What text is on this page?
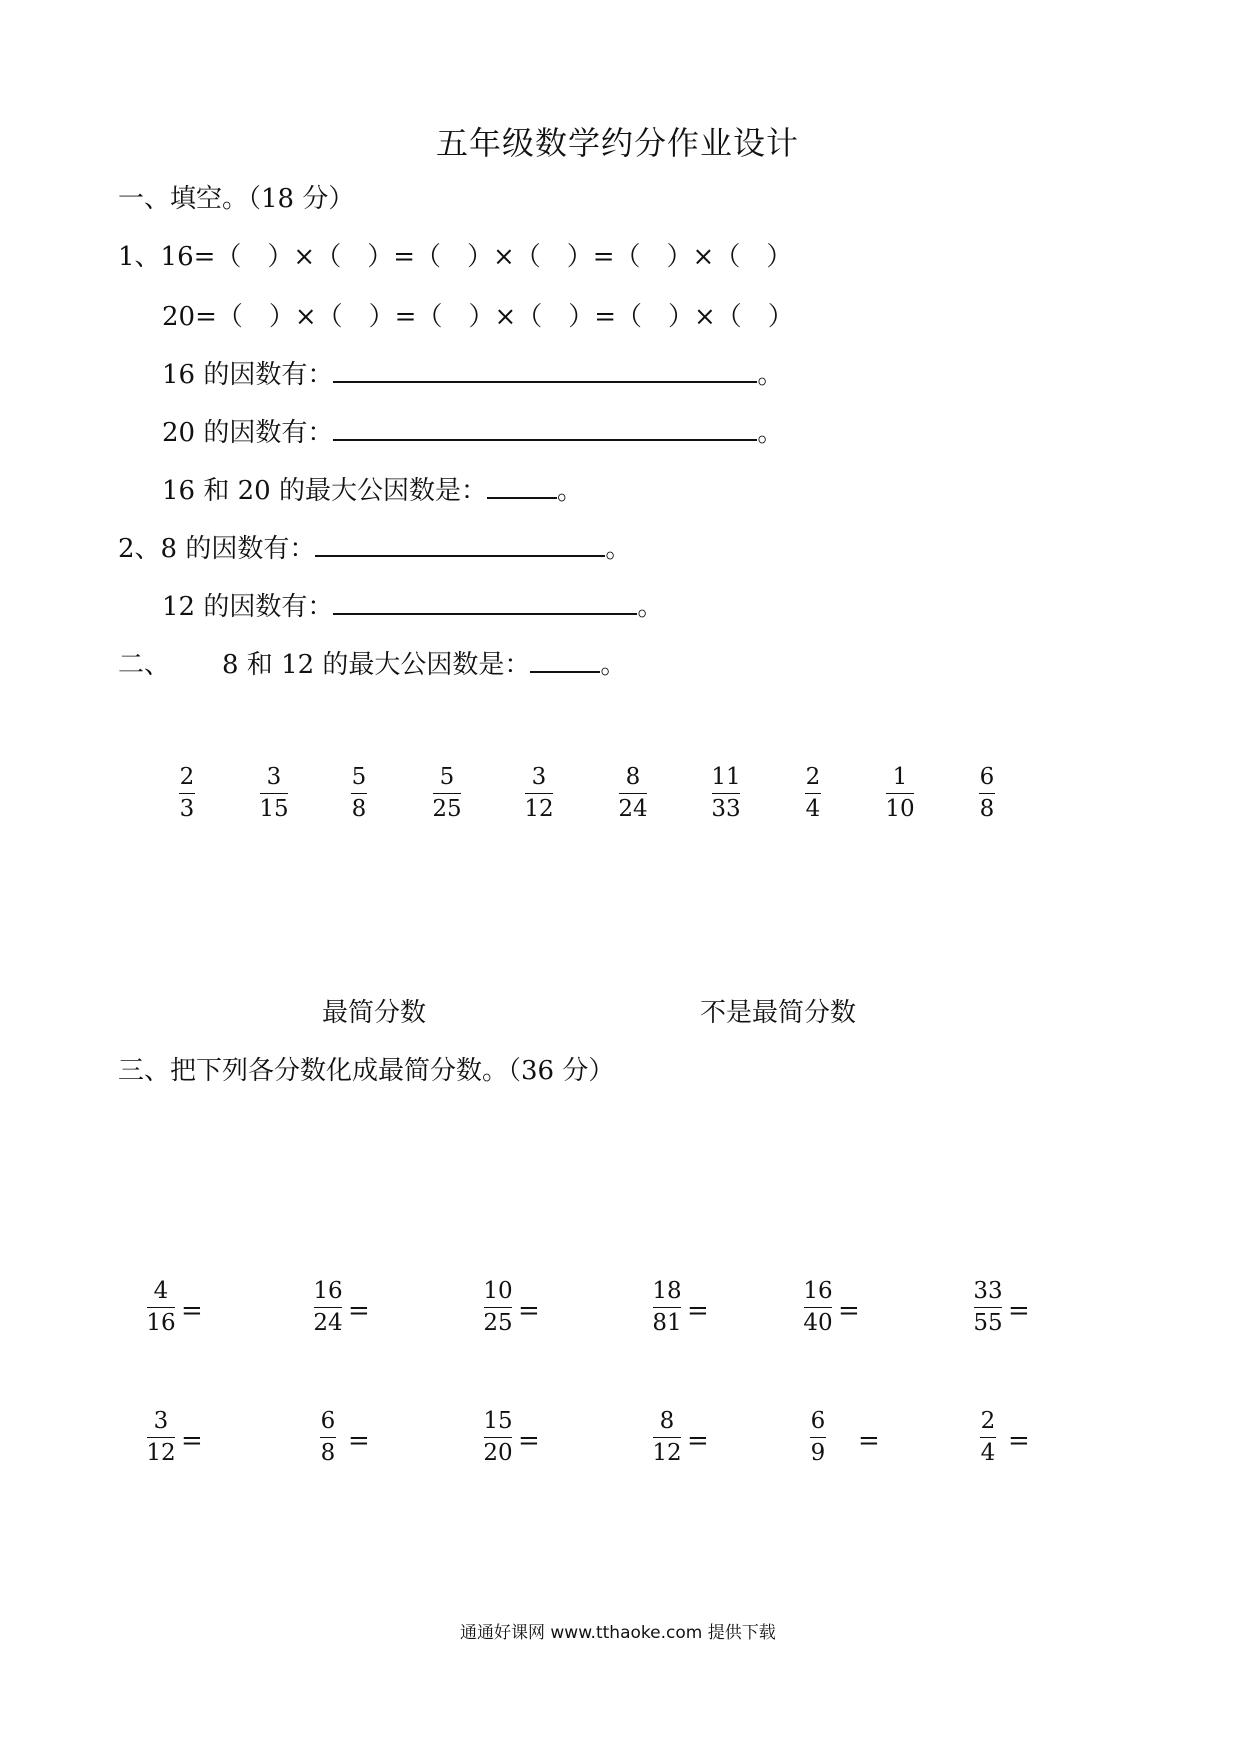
五年级数学约分作业设计
一、填空。（18 分）
1、16=（　）×（　）=（　）×（　）=（　）×（　）
20=（　）×（　）=（　）×（　）=（　）×（　）
16 的因数有：	。
20 的因数有：	。
16 和 20 的最大公因数是：	。
2、8 的因数有：	。
12 的因数有：	。
二、 8 和 12 的最大公因数是：	。
2
3
3
15
5
8
5
25
3
12
8
24
11
33
2
4
1
10
6
8
最简分数	不是最简分数
三、把下列各分数化成最简分数。（36 分）
4
16 =
16
24 =
10
25 =
18
81 =
16
40 =
33
55 =
3
12 =
6
8 =
15
20 =
8
12 =
6
9	=
2
4 =
通通好课网 www.tthaoke.com 提供下载
